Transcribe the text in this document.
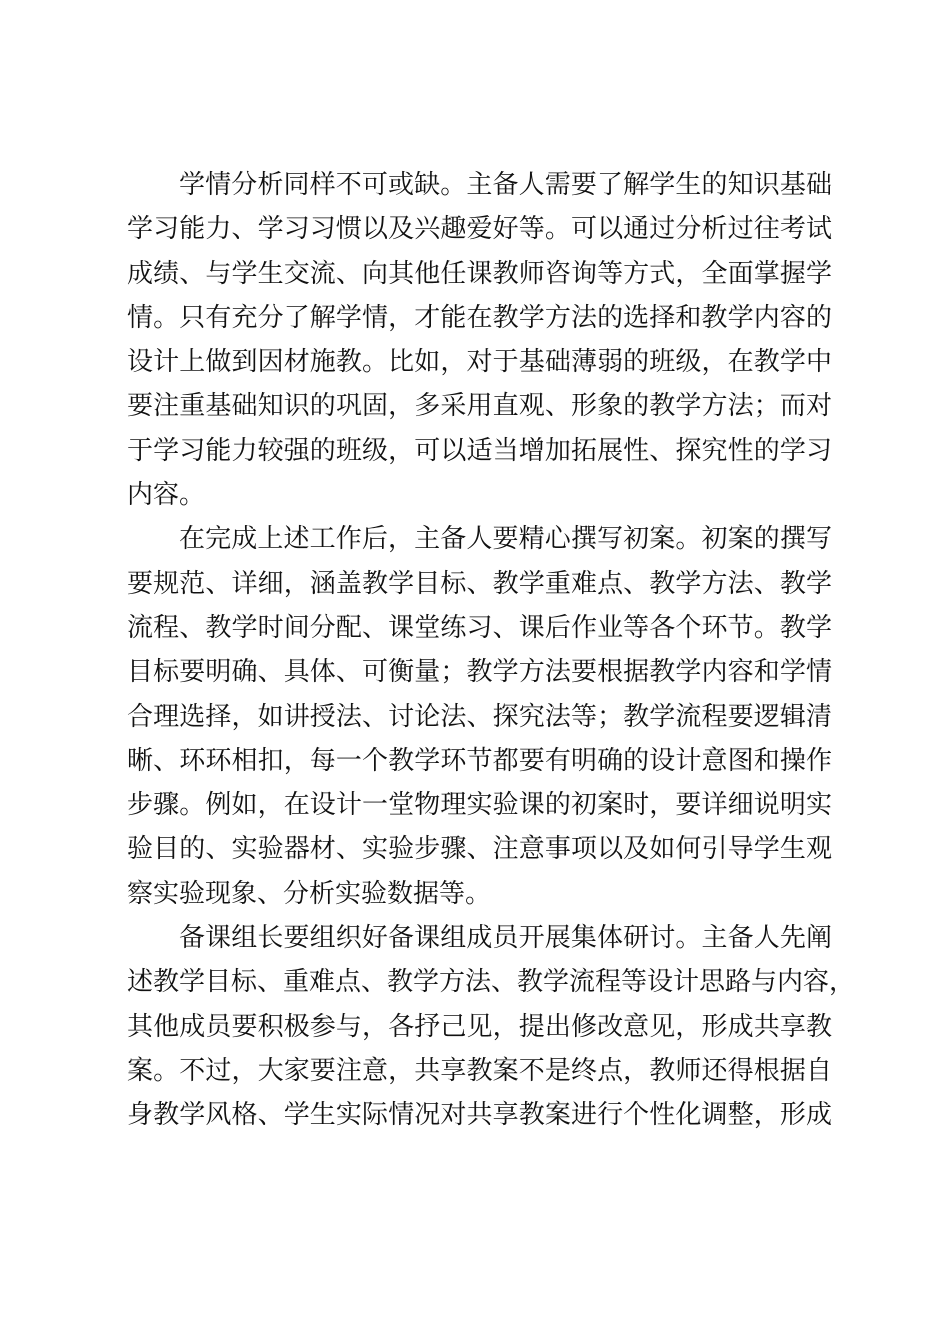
学情分析同样不可或缺。主备人需要了解学生的知识基础
学习能力、学习习惯以及兴趣爱好等。可以通过分析过往考试
成绩、与学生交流、向其他任课教师咨询等方式，全面掌握学
情。只有充分了解学情，才能在教学方法的选择和教学内容的
设计上做到因材施教。比如，对于基础薄弱的班级，在教学中
要注重基础知识的巩固，多采用直观、形象的教学方法；而对
于学习能力较强的班级，可以适当增加拓展性、探究性的学习
内容。

在完成上述工作后，主备人要精心撰写初案。初案的撰写
要规范、详细，涵盖教学目标、教学重难点、教学方法、教学
流程、教学时间分配、课堂练习、课后作业等各个环节。教学
目标要明确、具体、可衡量；教学方法要根据教学内容和学情
合理选择，如讲授法、讨论法、探究法等；教学流程要逻辑清
晰、环环相扣，每一个教学环节都要有明确的设计意图和操作
步骤。例如，在设计一堂物理实验课的初案时，要详细说明实
验目的、实验器材、实验步骤、注意事项以及如何引导学生观
察实验现象、分析实验数据等。

备课组长要组织好备课组成员开展集体研讨。主备人先阐
述教学目标、重难点、教学方法、教学流程等设计思路与内容，
其他成员要积极参与，各抒己见，提出修改意见，形成共享教
案。不过，大家要注意，共享教案不是终点，教师还得根据自
身教学风格、学生实际情况对共享教案进行个性化调整，形成
